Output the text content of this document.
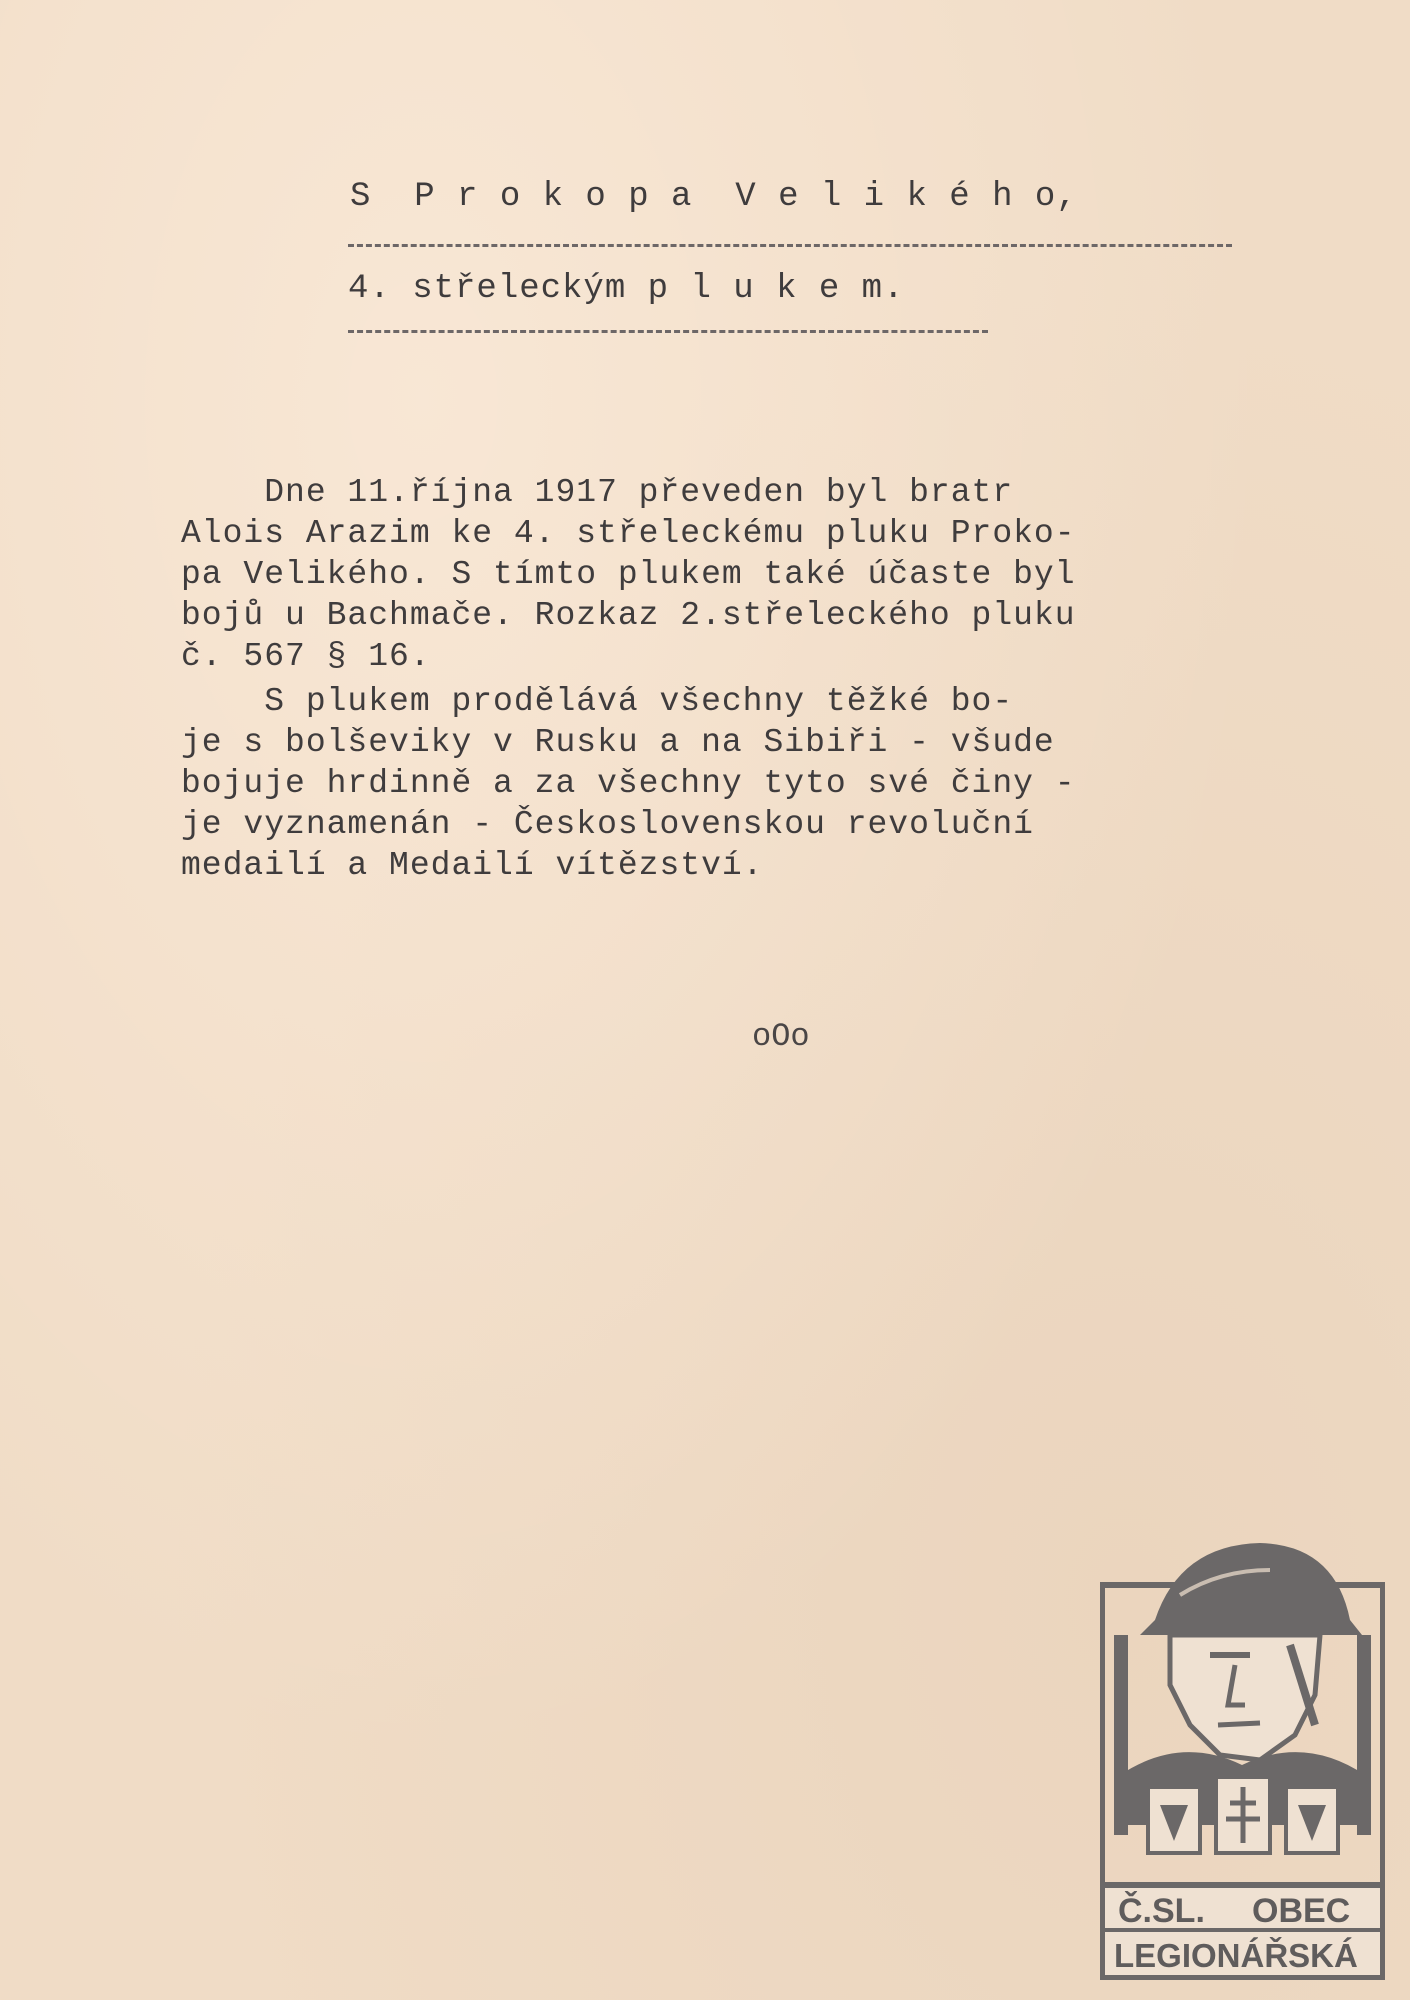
S  P r o k o p a  V e l i k é h o,
4. střeleckým p l u k e m.
Dne 11.října 1917 převeden byl bratr
Alois Arazim ke 4. střeleckému pluku Proko-
pa Velikého. S tímto plukem také účaste byl
bojů u Bachmače. Rozkaz 2.střeleckého pluku
č. 567 § 16.
S plukem prodělává všechny těžké bo-
je s bolševiky v Rusku a na Sibiři - všude
bojuje hrdinně a za všechny tyto své činy -
je vyznamenán - Československou revoluční
medailí a Medailí vítězství.
oOo
Č.SL. OBEC
LEGIONÁŘSKÁ
